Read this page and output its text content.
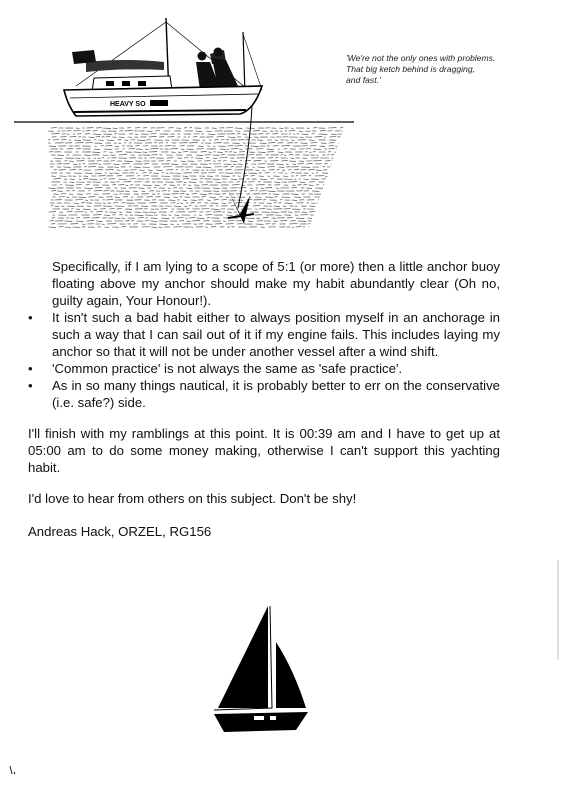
HEAVY SO
'We're not the only ones with problems.
That big ketch behind is dragging,
and fast.'

Specifically, if I am lying to a scope of 5:1 (or more) then a little anchor buoy floating above my anchor should make my habit abundantly clear (Oh no, guilty again, Your Honour!).

• It isn't such a bad habit either to always position myself in an anchorage in such a way that I can sail out of it if my engine fails. This includes laying my anchor so that it will not be under another vessel after a wind shift.
• 'Common practice' is not always the same as 'safe practice'.
• As in so many things nautical, it is probably better to err on the conservative (i.e. safe?) side.

I'll finish with my ramblings at this point. It is 00:39 am and I have to get up at 05:00 am to do some money making, otherwise I can't support this yachting habit.

I'd love to hear from others on this subject. Don't be shy!

Andreas Hack, ORZEL, RG156
